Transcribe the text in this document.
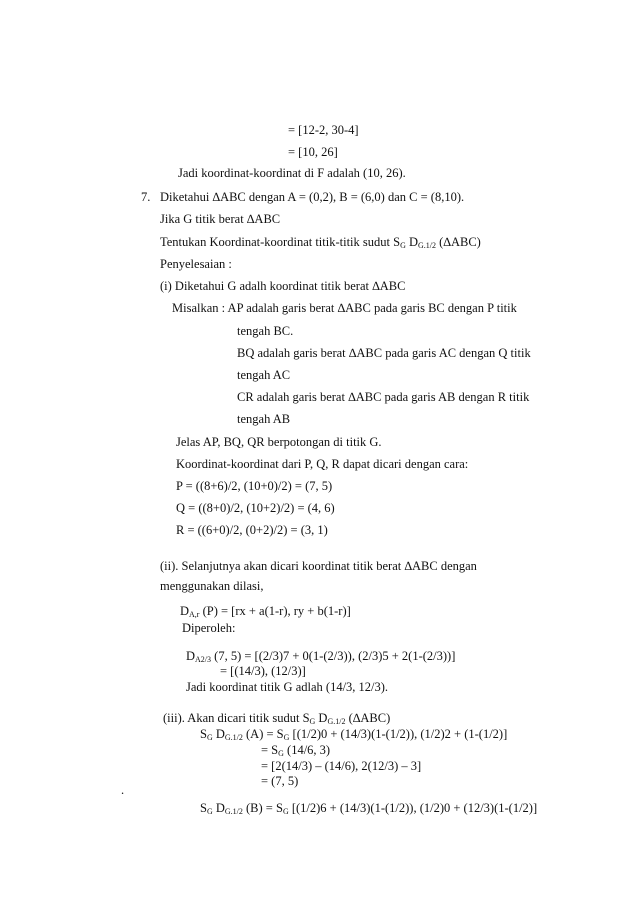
= [12-2, 30-4]
= [10, 26]
Jadi koordinat-koordinat di F adalah (10, 26).
7. Diketahui ∆ABC dengan A = (0,2), B = (6,0) dan C = (8,10).
Jika G titik berat ∆ABC
Tentukan Koordinat-koordinat titik-titik sudut $S_G$ $D_{G.1/2}$ (∆ABC)
Penyelesaian :
(i) Diketahui G adalh koordinat titik berat ∆ABC
Misalkan : AP adalah garis berat ∆ABC pada garis BC dengan P titik
tengah BC.
BQ adalah garis berat ∆ABC pada garis AC dengan Q titik
tengah AC
CR adalah garis berat ∆ABC pada garis AB dengan R titik
tengah AB
Jelas AP, BQ, QR berpotongan di titik G.
Koordinat-koordinat dari P, Q, R dapat dicari dengan cara:
P = ((8+6)/2, (10+0)/2) = (7, 5)
Q = ((8+0)/2, (10+2)/2) = (4, 6)
R = ((6+0)/2, (0+2)/2) = (3, 1)
(ii). Selanjutnya akan dicari koordinat titik berat ∆ABC dengan
menggunakan dilasi,
$D_{A,r}$ (P) = [rx + a(1-r), ry + b(1-r)]
Diperoleh:
$D_{A2/3}$ (7, 5) = [(2/3)7 + 0(1-(2/3)), (2/3)5 + 2(1-(2/3))]
= [(14/3), (12/3)]
Jadi koordinat titik G adlah (14/3, 12/3).
(iii). Akan dicari titik sudut $S_G$ $D_{G.1/2}$ (∆ABC)
$S_G$ $D_{G.1/2}$ $(A) = S_G$ [(1/2)0 + (14/3)(1-(1/2)), (1/2)2 + (1-(1/2)]
= $S_G$ (14/6, 3)
= [2(14/3) – (14/6), 2(12/3) – 3]
= (7, 5)
.
$S_G$ $D_{G.1/2}$ $(B) = S_G$ [(1/2)6 + (14/3)(1-(1/2)), (1/2)0 + (12/3)(1-(1/2)]
